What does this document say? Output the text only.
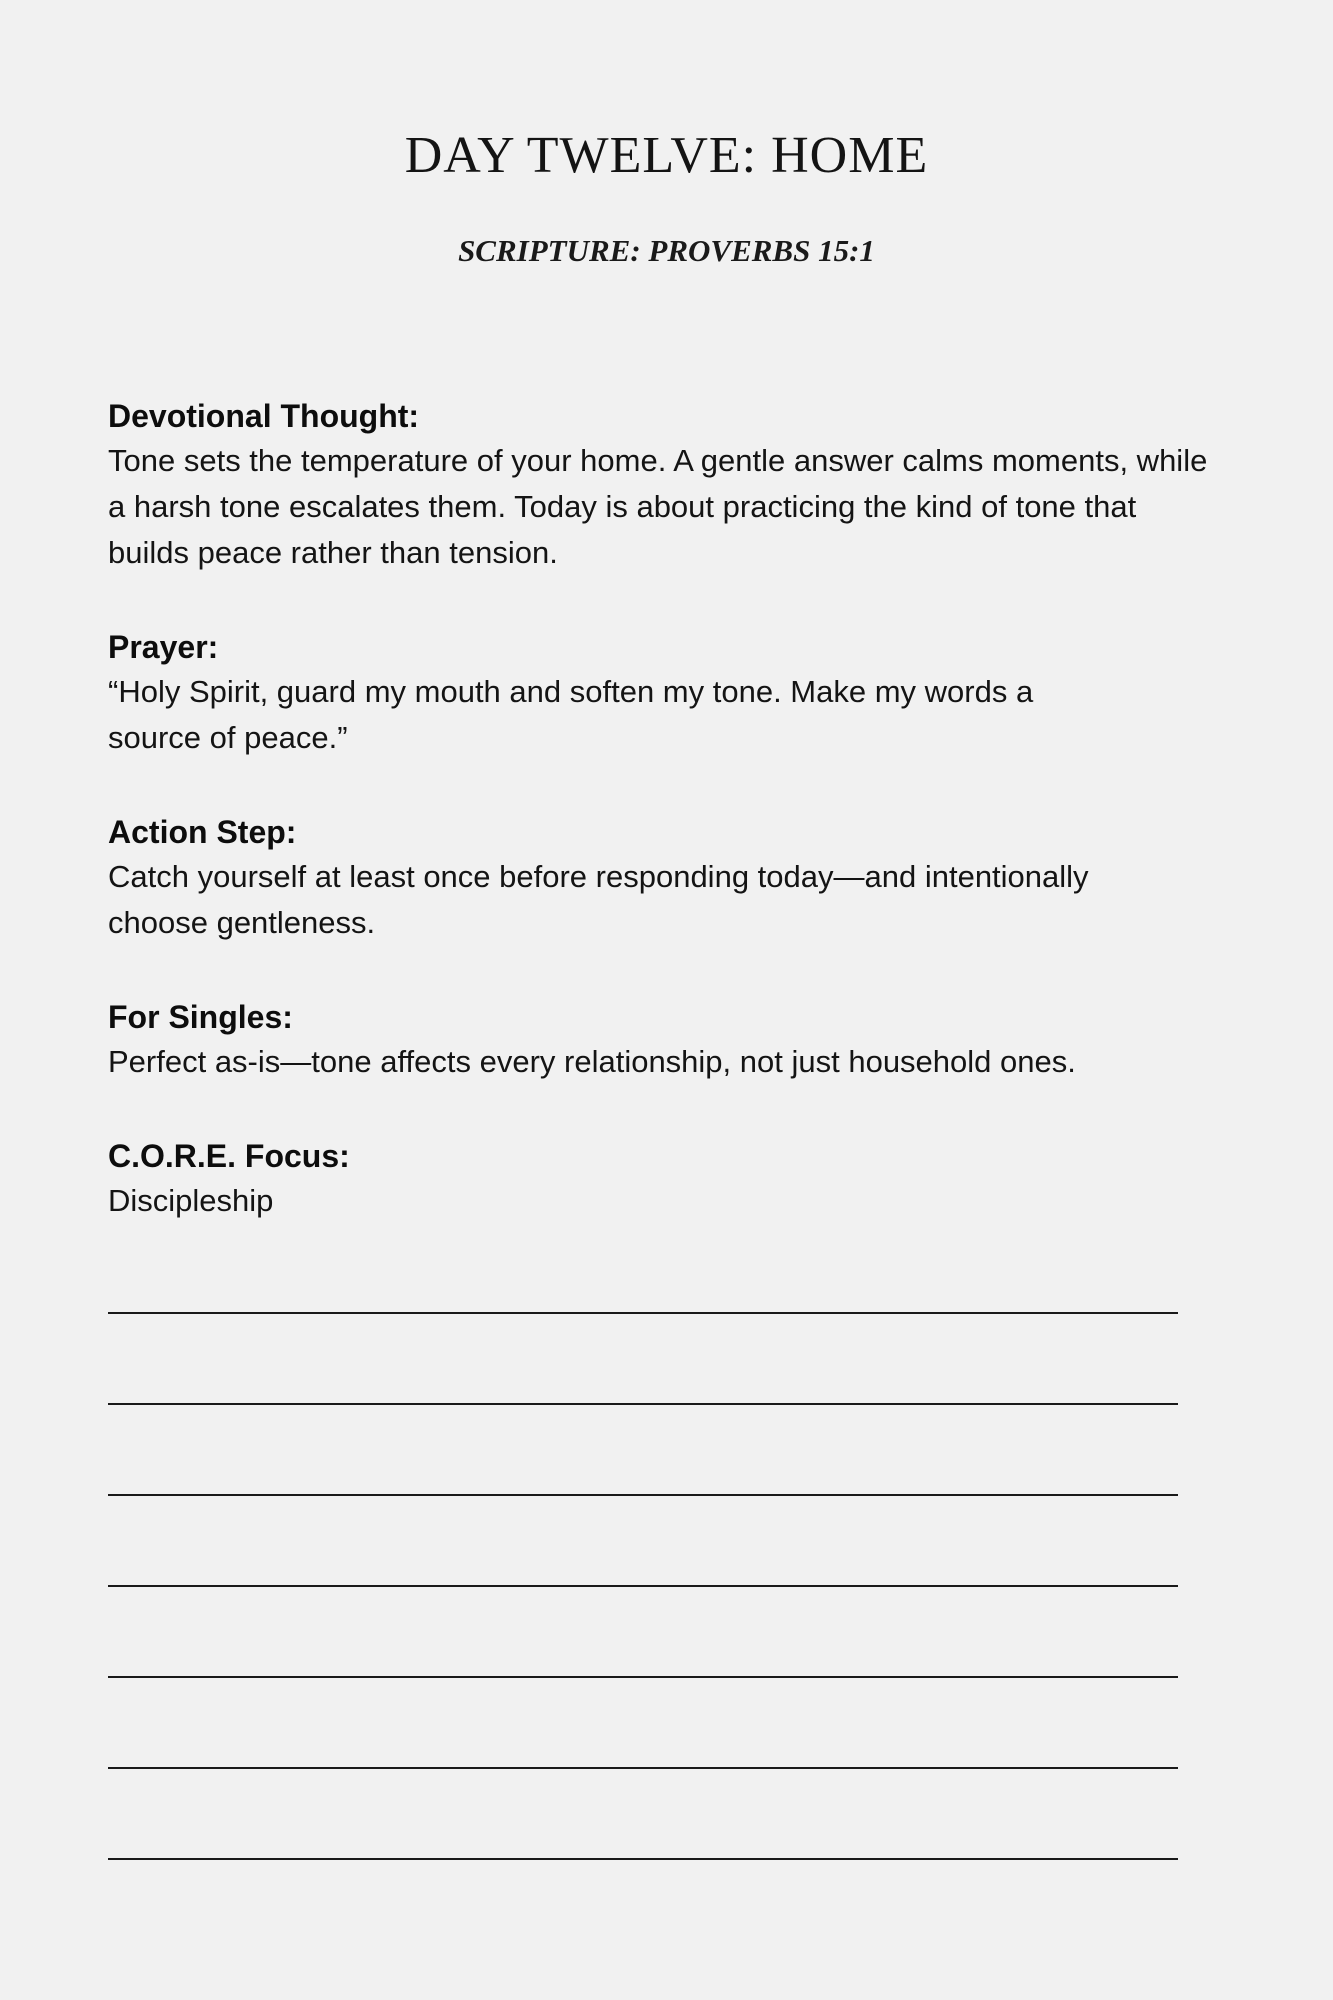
DAY TWELVE: HOME
SCRIPTURE: PROVERBS 15:1

Devotional Thought:

Tone sets the temperature of your home. A gentle answer calms moments, while a harsh tone escalates them. Today is about practicing the kind of tone that builds peace rather than tension.

Prayer:

“Holy Spirit, guard my mouth and soften my tone. Make my words a source of peace.”

Action Step:

Catch yourself at least once before responding today—and intentionally choose gentleness.

For Singles:

Perfect as-is—tone affects every relationship, not just household ones.

C.O.R.E. Focus:

Discipleship
